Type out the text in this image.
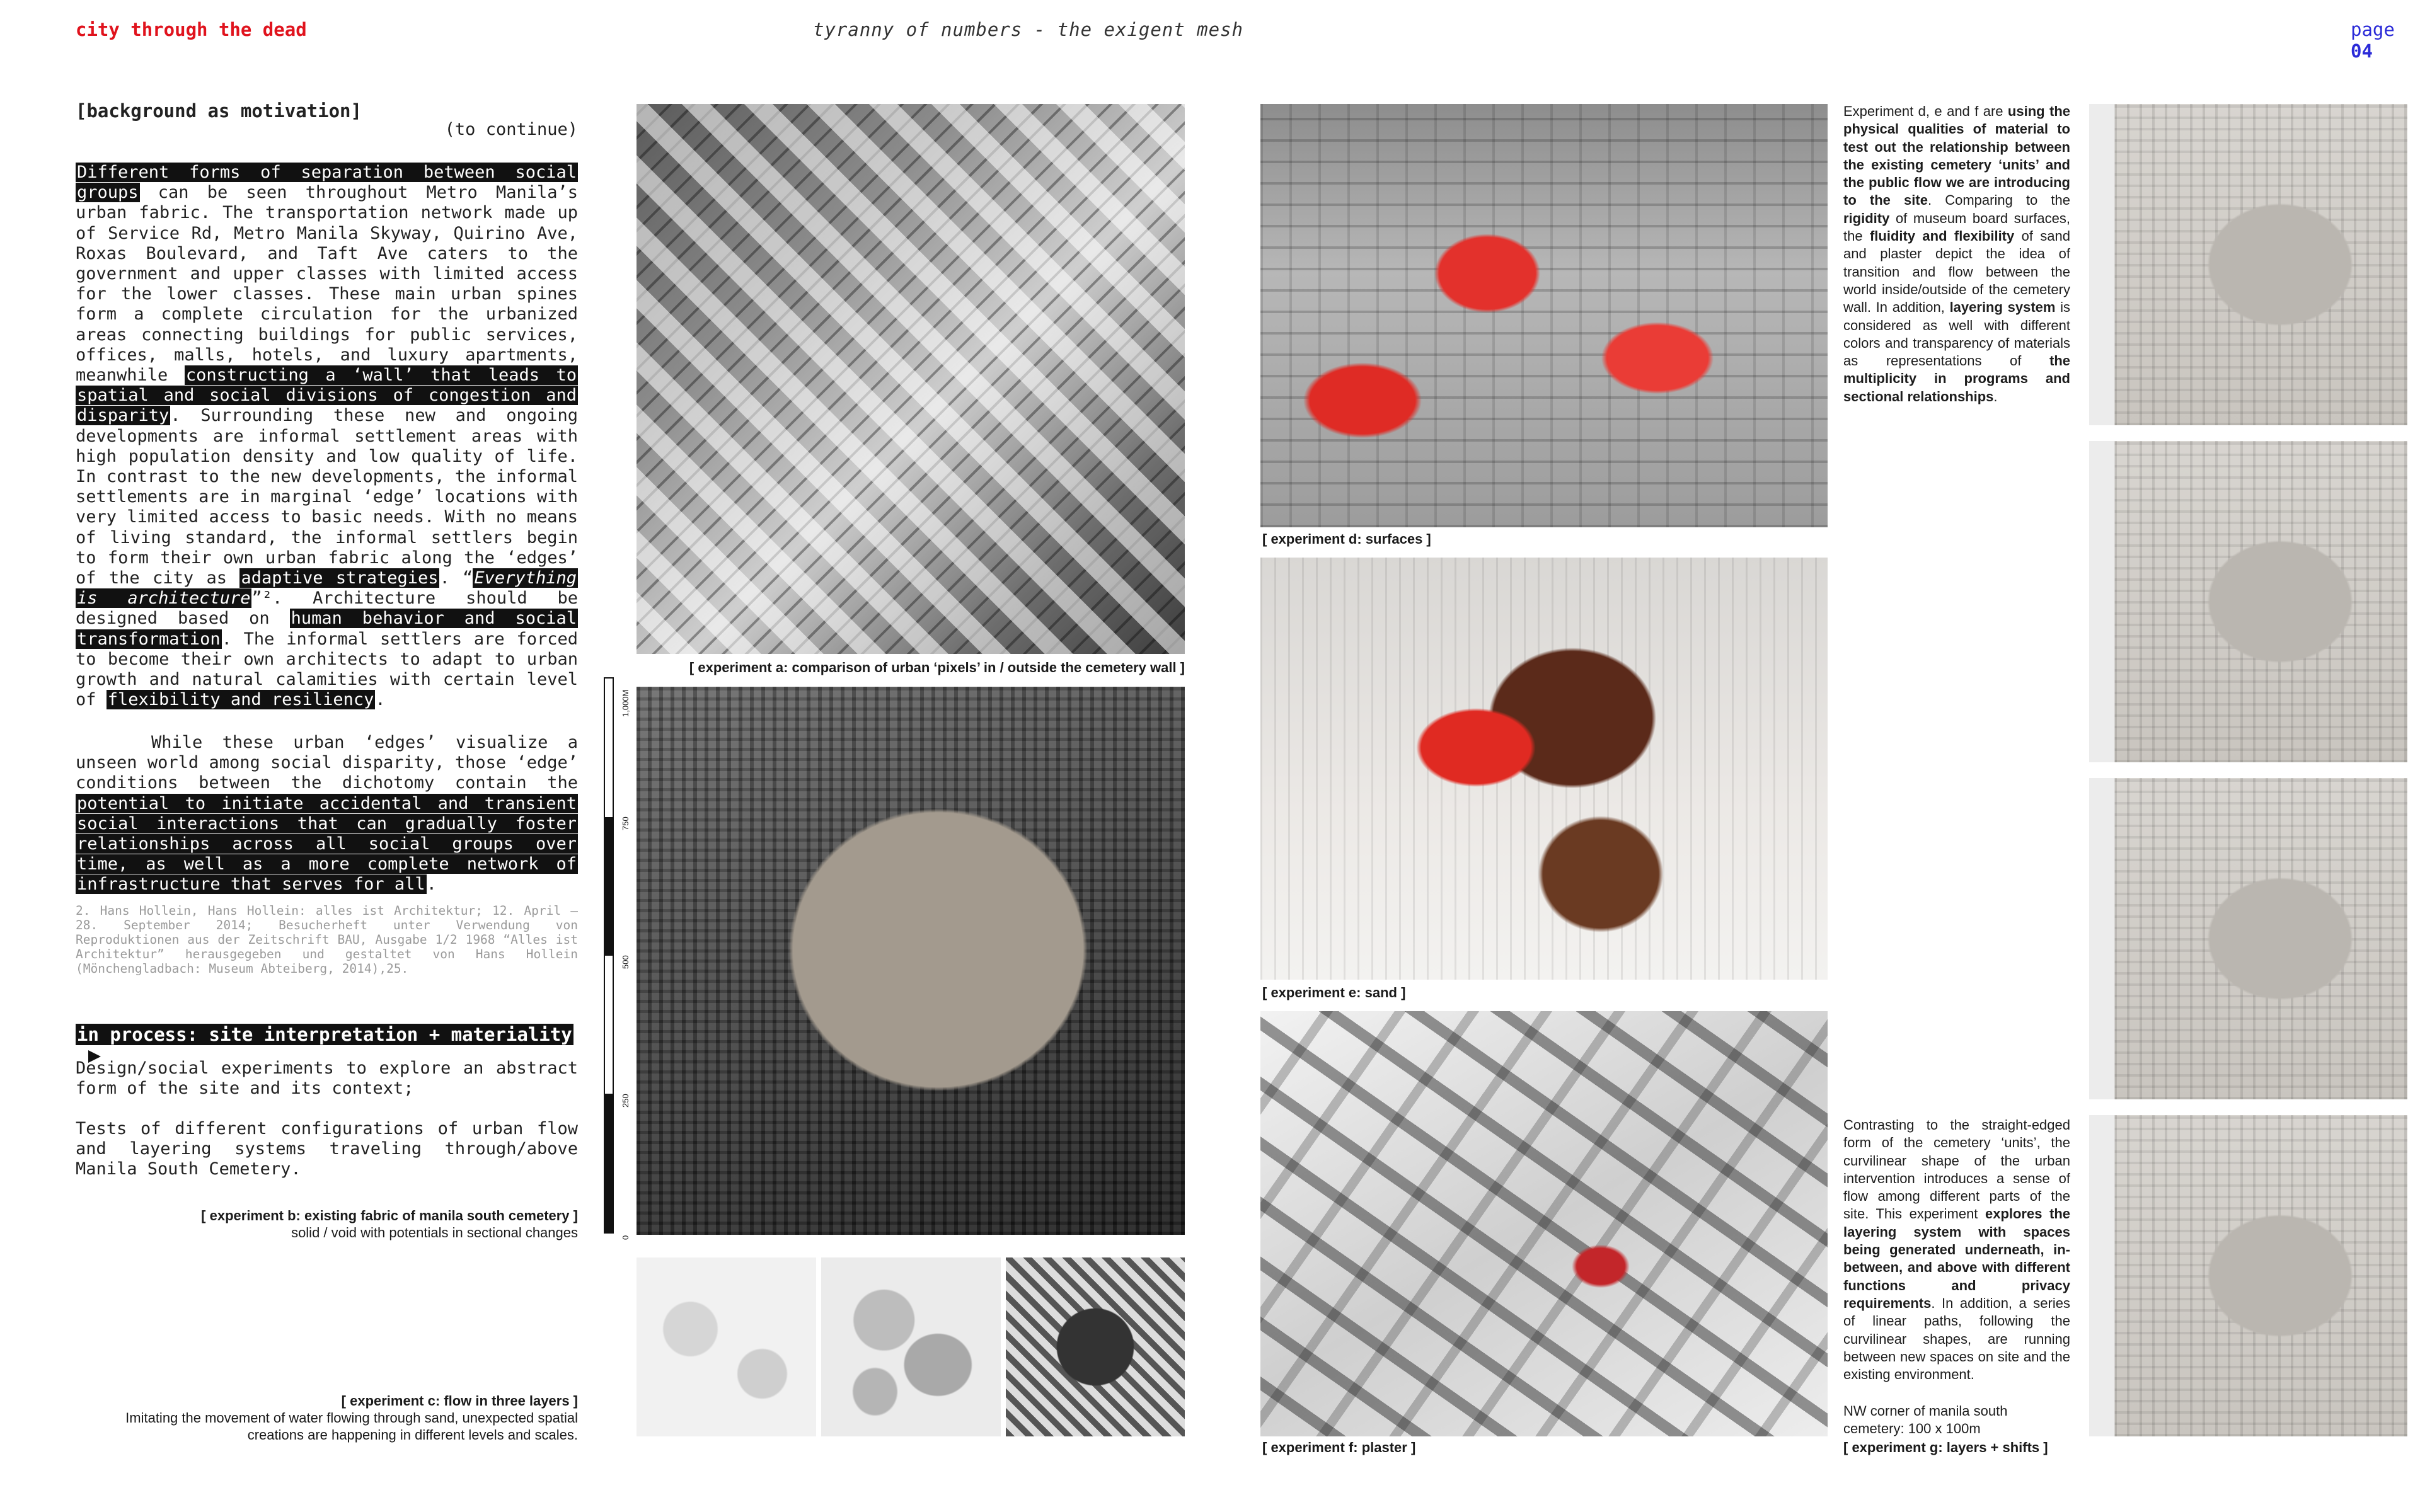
city through the dead	tyranny of numbers - the exigent mesh	page 04
[background as motivation]
(to continue)
Different forms of separation between social groups can be seen throughout Metro Manila’s urban fabric. The transportation network made up of Service Rd, Metro Manila Skyway, Quirino Ave, Roxas Boulevard, and Taft Ave caters to the government and upper classes with limited access for the lower classes. These main urban spines form a complete circulation for the urbanized areas connecting buildings for public services, offices, malls, hotels, and luxury apartments, meanwhile constructing a ‘wall’ that leads to spatial and social divisions of congestion and disparity. Surrounding these new and ongoing developments are informal settlement areas with high population density and low quality of life. In contrast to the new developments, the informal settlements are in marginal ‘edge’ locations with very limited access to basic needs. With no means of living standard, the informal settlers begin to form their own urban fabric along the ‘edges’ of the city as adaptive strategies. “Everything is architecture”². Architecture should be designed based on human behavior and social transformation. The informal settlers are forced to become their own architects to adapt to urban growth and natural calamities with certain level of flexibility and resiliency.
While these urban ‘edges’ visualize a unseen world among social disparity, those ‘edge’ conditions between the dichotomy contain the potential to initiate accidental and transient social interactions that can gradually foster relationships across all social groups over time, as well as a more complete network of infrastructure that serves for all.
2. Hans Hollein, Hans Hollein: alles ist Architektur; 12. April – 28. September 2014; Besucherheft unter Verwendung von Reproduktionen aus der Zeitschrift BAU, Ausgabe 1/2 1968 “Alles ist Architektur” herausgegeben und gestaltet von Hans Hollein (Mönchengladbach: Museum Abteiberg, 2014),25.
in process: site interpretation + materiality
Design/social experiments to explore an abstract form of the site and its context;
Tests of different configurations of urban flow and layering systems traveling through/above Manila South Cemetery.
[ experiment b: existing fabric of manila south cemetery ]
solid / void with potentials in sectional changes
[ experiment c: flow in three layers ]
Imitating the movement of water flowing through sand, unexpected spatial creations are happening in different levels and scales.
[ experiment a: comparison of urban ‘pixels’ in / outside the cemetery wall ]
1,000M
750
500
250
0
[ experiment d: surfaces ]
[ experiment e: sand ]
[ experiment f: plaster ]
Experiment d, e and f are using the physical qualities of material to test out the relationship between the existing cemetery ‘units’ and the public flow we are introducing to the site. Comparing to the rigidity of museum board surfaces, the fluidity and flexibility of sand and plaster depict the idea of transition and flow between the world inside/outside of the cemetery wall. In addition, layering system is considered as well with different colors and transparency of materials as representations of the multiplicity in programs and sectional relationships.
Contrasting to the straight-edged form of the cemetery ‘units’, the curvilinear shape of the urban intervention introduces a sense of flow among different parts of the site. This experiment explores the layering system with spaces being generated underneath, in-between, and above with different functions and privacy requirements. In addition, a series of linear paths, following the curvilinear shapes, are running between new spaces on site and the existing environment.
NW corner of manila south cemetery: 100 x 100m
[ experiment g: layers + shifts ]
